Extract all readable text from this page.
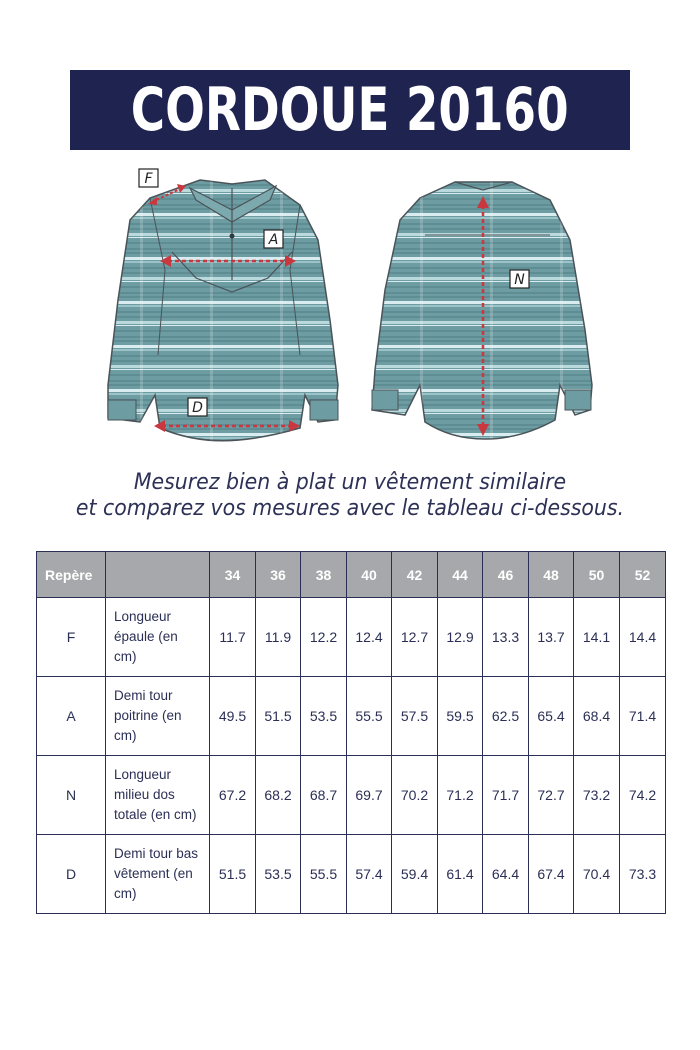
CORDOUE 20160
F
A
D
N
Mesurez bien à plat un vêtement similaire
et comparez vos mesures avec le tableau ci-dessous.
Repère		34	36	38	40	42	44	46	48	50	52
F	Longueur
épaule (en
cm)	11.7	11.9	12.2	12.4	12.7	12.9	13.3	13.7	14.1	14.4
A	Demi tour
poitrine (en
cm)	49.5	51.5	53.5	55.5	57.5	59.5	62.5	65.4	68.4	71.4
N	Longueur
milieu dos
totale (en cm)	67.2	68.2	68.7	69.7	70.2	71.2	71.7	72.7	73.2	74.2
D	Demi tour bas
vêtement (en
cm)	51.5	53.5	55.5	57.4	59.4	61.4	64.4	67.4	70.4	73.3
